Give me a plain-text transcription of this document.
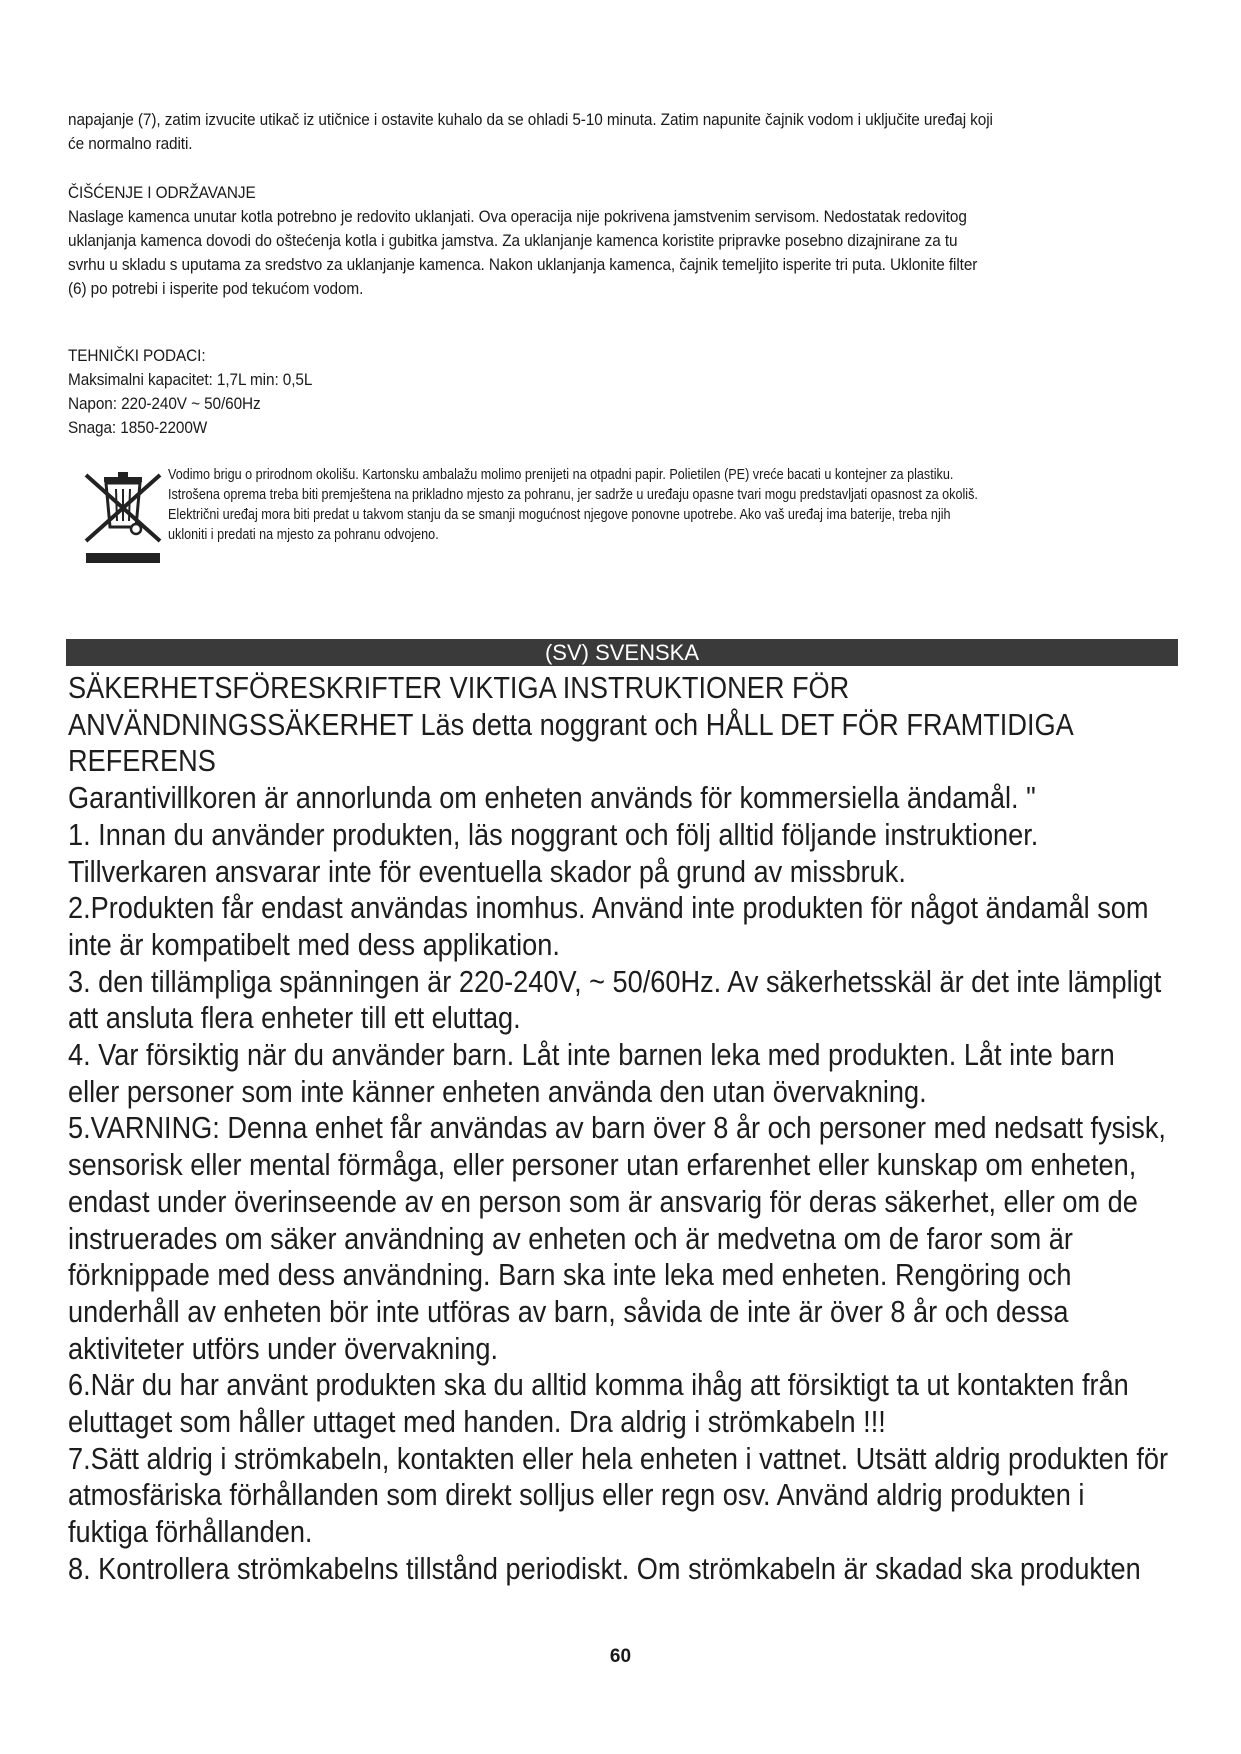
napajanje (7), zatim izvucite utikač iz utičnice i ostavite kuhalo da se ohladi 5-10 minuta. Zatim napunite čajnik vodom i uključite uređaj koji

će normalno raditi.

ČIŠĆENJE I ODRŽAVANJE

Naslage kamenca unutar kotla potrebno je redovito uklanjati. Ova operacija nije pokrivena jamstvenim servisom. Nedostatak redovitog

uklanjanja kamenca dovodi do oštećenja kotla i gubitka jamstva. Za uklanjanje kamenca koristite pripravke posebno dizajnirane za tu

svrhu u skladu s uputama za sredstvo za uklanjanje kamenca. Nakon uklanjanja kamenca, čajnik temeljito isperite tri puta. Uklonite filter

(6) po potrebi i isperite pod tekućom vodom.

TEHNIČKI PODACI:

Maksimalni kapacitet: 1,7L min: 0,5L

Napon: 220-240V ~ 50/60Hz

Snaga: 1850-2200W

Vodimo brigu o prirodnom okolišu. Kartonsku ambalažu molimo prenijeti na otpadni papir. Polietilen (PE) vreće bacati u kontejner za plastiku.

Istrošena oprema treba biti premještena na prikladno mjesto za pohranu, jer sadrže u uređaju opasne tvari mogu predstavljati opasnost za okoliš.

Električni uređaj mora biti predat u takvom stanju da se smanji mogućnost njegove ponovne upotrebe. Ako vaš uređaj ima baterije, treba njih

ukloniti i predati na mjesto za pohranu odvojeno.

(SV) SVENSKA

SÄKERHETSFÖRESKRIFTER VIKTIGA INSTRUKTIONER FÖR

ANVÄNDNINGSSÄKERHET Läs detta noggrant och HÅLL DET FÖR FRAMTIDIGA

REFERENS

Garantivillkoren är annorlunda om enheten används för kommersiella ändamål. "

1. Innan du använder produkten, läs noggrant och följ alltid följande instruktioner.

Tillverkaren ansvarar inte för eventuella skador på grund av missbruk.

2.Produkten får endast användas inomhus. Använd inte produkten för något ändamål som

inte är kompatibelt med dess applikation.

3. den tillämpliga spänningen är 220-240V, ~ 50/60Hz. Av säkerhetsskäl är det inte lämpligt

att ansluta flera enheter till ett eluttag.

4. Var försiktig när du använder barn. Låt inte barnen leka med produkten. Låt inte barn

eller personer som inte känner enheten använda den utan övervakning.

5.VARNING: Denna enhet får användas av barn över 8 år och personer med nedsatt fysisk,

sensorisk eller mental förmåga, eller personer utan erfarenhet eller kunskap om enheten,

endast under överinseende av en person som är ansvarig för deras säkerhet, eller om de

instruerades om säker användning av enheten och är medvetna om de faror som är

förknippade med dess användning. Barn ska inte leka med enheten. Rengöring och

underhåll av enheten bör inte utföras av barn, såvida de inte är över 8 år och dessa

aktiviteter utförs under övervakning.

6.När du har använt produkten ska du alltid komma ihåg att försiktigt ta ut kontakten från

eluttaget som håller uttaget med handen. Dra aldrig i strömkabeln !!!

7.Sätt aldrig i strömkabeln, kontakten eller hela enheten i vattnet. Utsätt aldrig produkten för

atmosfäriska förhållanden som direkt solljus eller regn osv. Använd aldrig produkten i

fuktiga förhållanden.

8. Kontrollera strömkabelns tillstånd periodiskt. Om strömkabeln är skadad ska produkten

60
